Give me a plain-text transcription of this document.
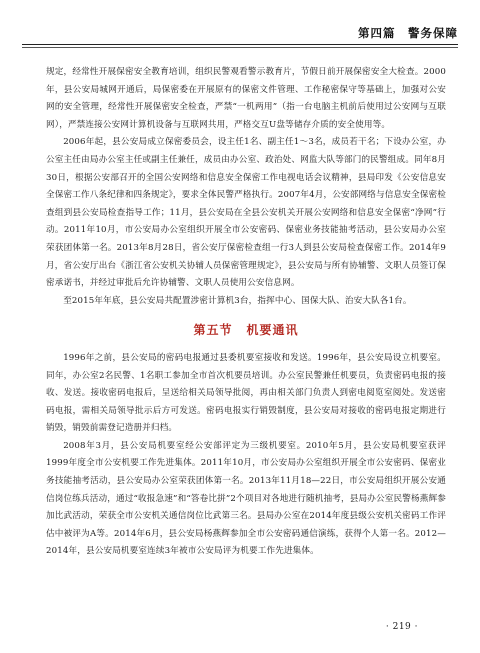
第四篇　警务保障

规定，经常性开展保密安全教育培训，组织民警观看警示教育片，节假日前开展保密安全大检查。2000年，县公安局城网开通后，局保密委在开展原有的保密文件管理、工作秘密保守等基础上，加强对公安网的安全管理，经常性开展保密安全检查，严禁“一机两用”（指一台电脑主机前后使用过公安网与互联网），严禁连接公安网计算机设备与互联网共用，严格交互U盘等储存介质的安全使用等。

2006年起，县公安局成立保密委员会，设主任1名、副主任1～3名，成员若干名；下设办公室，办公室主任由局办公室主任或副主任兼任，成员由办公室、政治处、网监大队等部门的民警组成。同年8月30日，根据公安部召开的全国公安网络和信息安全保密工作电视电话会议精神，县局印发《公安信息安全保密工作八条纪律和四条规定》，要求全体民警严格执行。2007年4月，公安部网络与信息安全保密检查组到县公安局检查指导工作；11月，县公安局在全县公安机关开展公安网络和信息安全保密“净网”行动。2011年10月，市公安局办公室组织开展全市公安密码、保密业务技能抽考活动，县公安局办公室荣获团体第一名。2013年8月28日，省公安厅保密检查组一行3人到县公安局检查保密工作。2014年9月，省公安厅出台《浙江省公安机关协辅人员保密管理规定》，县公安局与所有协辅警、文职人员签订保密承诺书，并经过审批后允许协辅警、文职人员使用公安信息网。

至2015年年底，县公安局共配置涉密计算机3台，指挥中心、国保大队、治安大队各1台。

第五节 机要通讯

1996年之前，县公安局的密码电报通过县委机要室接收和发送。1996年，县公安局设立机要室。同年，办公室2名民警、1名职工参加全市首次机要员培训。办公室民警兼任机要员，负责密码电报的接收、发送。接收密码电报后，呈送给相关局领导批阅，再由相关部门负责人到密电阅览室阅处。发送密码电报，需相关局领导批示后方可发送。密码电报实行销毁制度，县公安局对接收的密码电报定期进行销毁，销毁前需登记造册并归档。

2008年3月，县公安局机要室经公安部评定为三级机要室。2010年5月，县公安局机要室获评1999年度全市公安机要工作先进集体。2011年10月，市公安局办公室组织开展全市公安密码、保密业务技能抽考活动，县公安局办公室荣获团体第一名。2013年11月18—22日，市公安局组织开展公安通信岗位练兵活动，通过“收报急速”和“答卷比拼”2个项目对各地进行随机抽考，县局办公室民警杨燕辉参加比武活动，荣获全市公安机关通信岗位比武第三名。县局办公室在2014年度县级公安机关密码工作评估中被评为A等。2014年6月，县公安局杨燕辉参加全市公安密码通信演练，获得个人第一名。2012—2014年，县公安局机要室连续3年被市公安局评为机要工作先进集体。

· 219 ·
